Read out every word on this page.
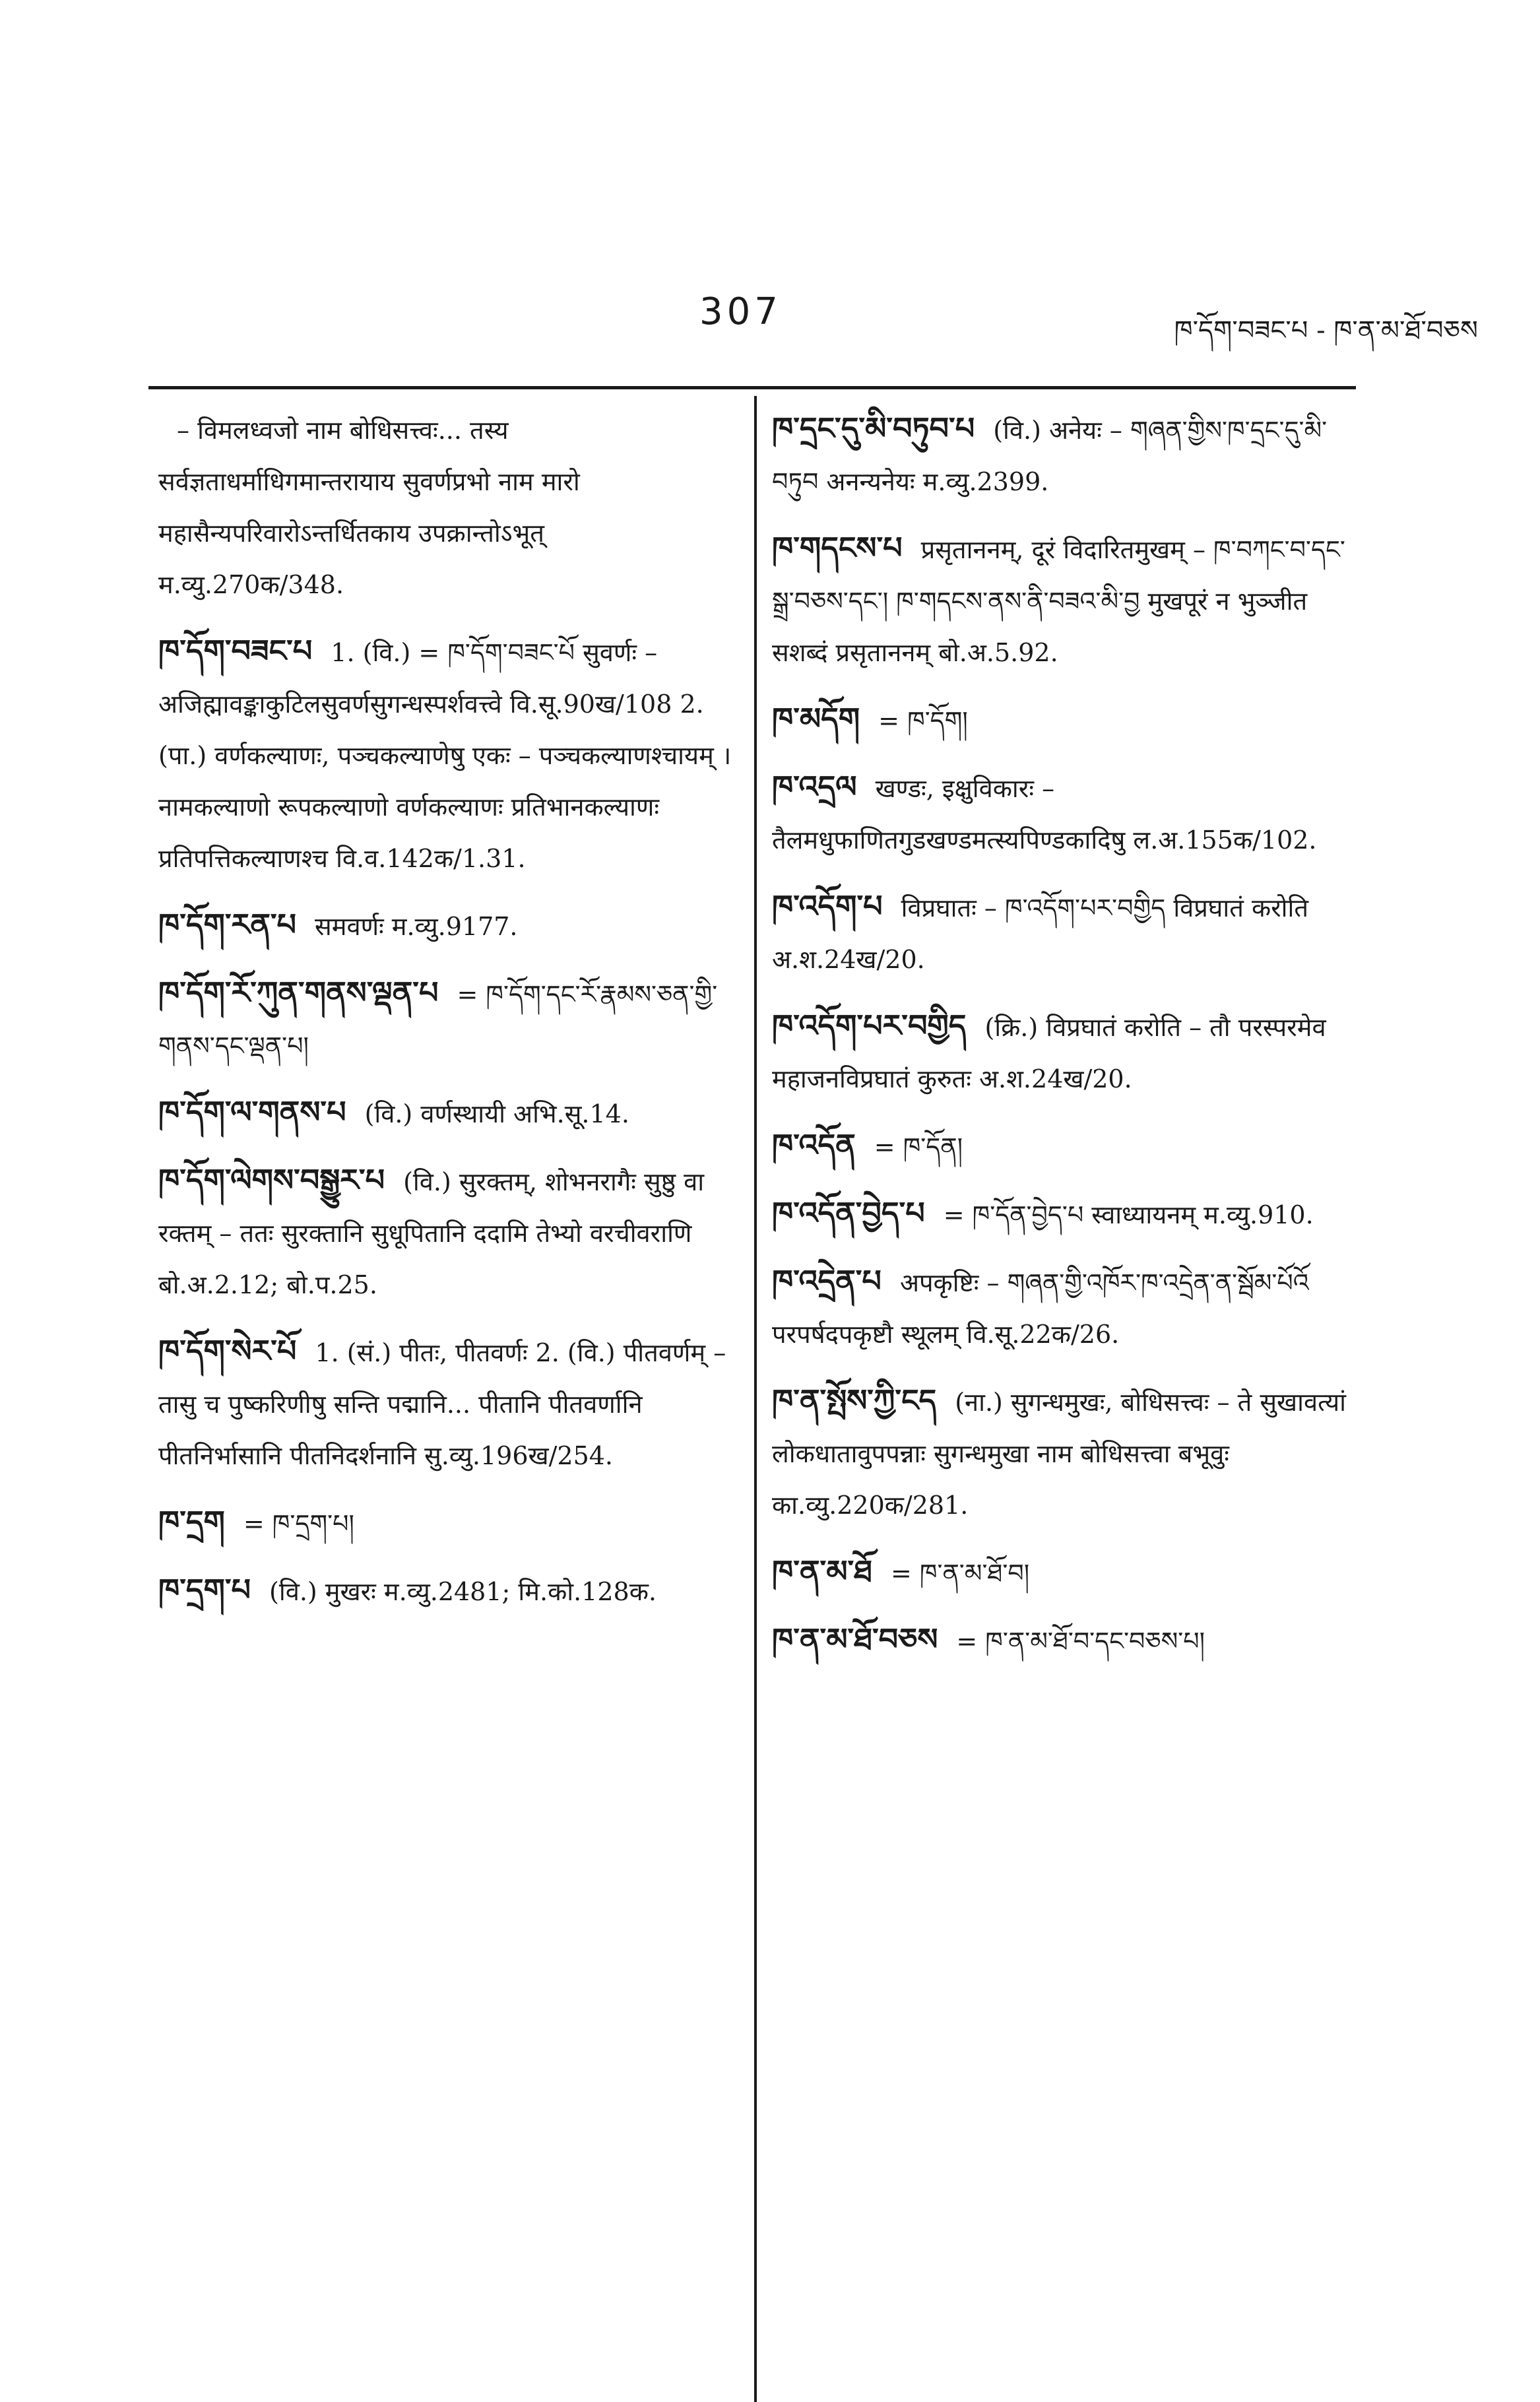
307	ཁ་དོག་བཟང་པ - ཁ་ན་མ་ཐོ་བཅས
– विमलध्वजो नाम बोधिसत्त्वः... तस्य सर्वज्ञताधर्माधिगमान्तरायाय सुवर्णप्रभो नाम मारो महासैन्यपरिवारोऽन्तर्धितकाय उपक्रान्तोऽभूत् म.व्यु.270क/348.
ཁ་དོག་བཟང་པ 1. (वि.) = ཁ་དོག་བཟང་པོ सुवर्णः – अजिह्मावङ्काकुटिलसुवर्णसुगन्धस्पर्शवत्त्वे वि.सू.90ख/108 2. (पा.) वर्णकल्याणः, पञ्चकल्याणेषु एकः – पञ्चकल्याणश्चायम् । नामकल्याणो रूपकल्याणो वर्णकल्याणः प्रतिभानकल्याणः प्रतिपत्तिकल्याणश्च वि.व.142क/1.31.
ཁ་དོག་རན་པ समवर्णः म.व्यु.9177.
ཁ་དོག་རོ་ཀུན་གནས་ལྡན་པ = ཁ་དོག་དང་རོ་རྣམས་ཅན་གྱི་གནས་དང་ལྡན་པ།
ཁ་དོག་ལ་གནས་པ (वि.) वर्णस्थायी अभि.सू.14.
ཁ་དོག་ལེགས་བསྒྱུར་པ (वि.) सुरक्तम्, शोभनरागैः सुष्ठु वा रक्तम् – ततः सुरक्तानि सुधूपितानि ददामि तेभ्यो वरचीवराणि बो.अ.2.12; बो.प.25.
ཁ་དོག་སེར་པོ 1. (सं.) पीतः, पीतवर्णः 2. (वि.) पीतवर्णम् – तासु च पुष्करिणीषु सन्ति पद्मानि... पीतानि पीतवर्णानि पीतनिर्भासानि पीतनिदर्शनानि सु.व्यु.196ख/254.
ཁ་དྲག = ཁ་དྲག་པ།
ཁ་དྲག་པ (वि.) मुखरः म.व्यु.2481; मि.को.128क.
ཁ་དྲང་དུ་མི་བཏུབ་པ (वि.) अनेयः – གཞན་གྱིས་ཁ་དྲང་དུ་མི་བཏུབ अनन्यनेयः म.व्यु.2399.
ཁ་གདངས་པ प्रसृताननम्, दूरं विदारितमुखम् – ཁ་བཀང་བ་དང་སྒྲ་བཅས་དང་། ཁ་གདངས་ནས་ནི་བཟའ་མི་བྱ मुखपूरं न भुञ्जीत सशब्दं प्रसृताननम् बो.अ.5.92.
ཁ་མདོག = ཁ་དོག།
ཁ་འདྲལ खण्डः, इक्षुविकारः – तैलमधुफाणितगुडखण्डमत्स्यपिण्डकादिषु ल.अ.155क/102.
ཁ་འདོག་པ विप्रघातः – ཁ་འདོག་པར་བགྱིད विप्रघातं करोति अ.श.24ख/20.
ཁ་འདོག་པར་བགྱིད (क्रि.) विप्रघातं करोति – तौ परस्परमेव महाजनविप्रघातं कुरुतः अ.श.24ख/20.
ཁ་འདོན = ཁ་དོན།
ཁ་འདོན་བྱེད་པ = ཁ་དོན་བྱེད་པ स्वाध्यायनम् म.व्यु.910.
ཁ་འདྲེན་པ अपकृष्टिः – གཞན་གྱི་འཁོར་ཁ་འདྲེན་ན་སྦོམ་པོའོ परपर्षदपकृष्टौ स्थूलम् वि.सू.22क/26.
ཁ་ན་སྤོས་ཀྱི་ངད (ना.) सुगन्धमुखः, बोधिसत्त्वः – ते सुखावत्यां लोकधातावुपपन्नाः सुगन्धमुखा नाम बोधिसत्त्वा बभूवुः का.व्यु.220क/281.
ཁ་ན་མ་ཐོ = ཁ་ན་མ་ཐོ་བ།
ཁ་ན་མ་ཐོ་བཅས = ཁ་ན་མ་ཐོ་བ་དང་བཅས་པ།
